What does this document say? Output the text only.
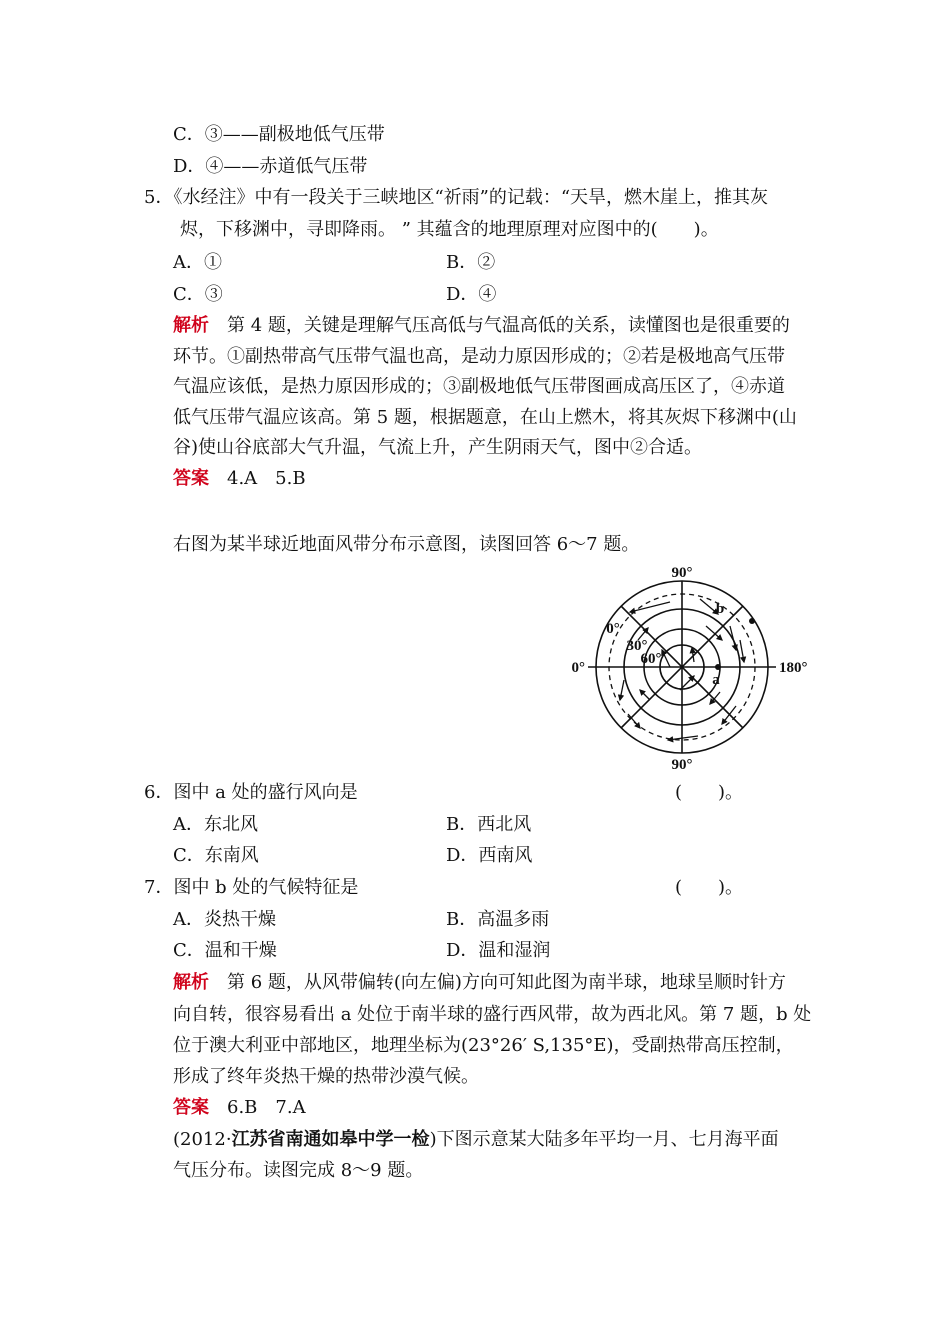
C．③——副极地低气压带
D．④——赤道低气压带
5．《水经注》中有一段关于三峡地区“祈雨”的记载：“天旱，燃木崖上，推其灰
烬，下移渊中，寻即降雨。 ” 其蕴含的地理原理对应图中的(　　)。
A．①	B．②
C．③	D．④
解析 第 4 题，关键是理解气压高低与气温高低的关系，读懂图也是很重要的
环节。①副热带高气压带气温也高，是动力原因形成的；②若是极地高气压带
气温应该低，是热力原因形成的；③副极地低气压带图画成高压区了，④赤道
低气压带气温应该高。第 5 题，根据题意，在山上燃木，将其灰烬下移渊中(山
谷)使山谷底部大气升温，气流上升，产生阴雨天气，图中②合适。
答案 4.A　5.B
右图为某半球近地面风带分布示意图，读图回答 6～7 题。
90°
90°
0°	180°
0°
30°
60°
a
b
6．图中 a 处的盛行风向是	(　　)。
A．东北风	B．西北风
C．东南风	D．西南风
7．图中 b 处的气候特征是	(　　)。
A．炎热干燥	B．高温多雨
C．温和干燥	D．温和湿润
解析 第 6 题，从风带偏转(向左偏)方向可知此图为南半球，地球呈顺时针方
向自转，很容易看出 a 处位于南半球的盛行西风带，故为西北风。第 7 题，b 处
位于澳大利亚中部地区，地理坐标为(23°26′ S,135°E)，受副热带高压控制，
形成了终年炎热干燥的热带沙漠气候。
答案 6.B　7.A
(2012·江苏省南通如皋中学一检)下图示意某大陆多年平均一月、七月海平面
气压分布。读图完成 8～9 题。
